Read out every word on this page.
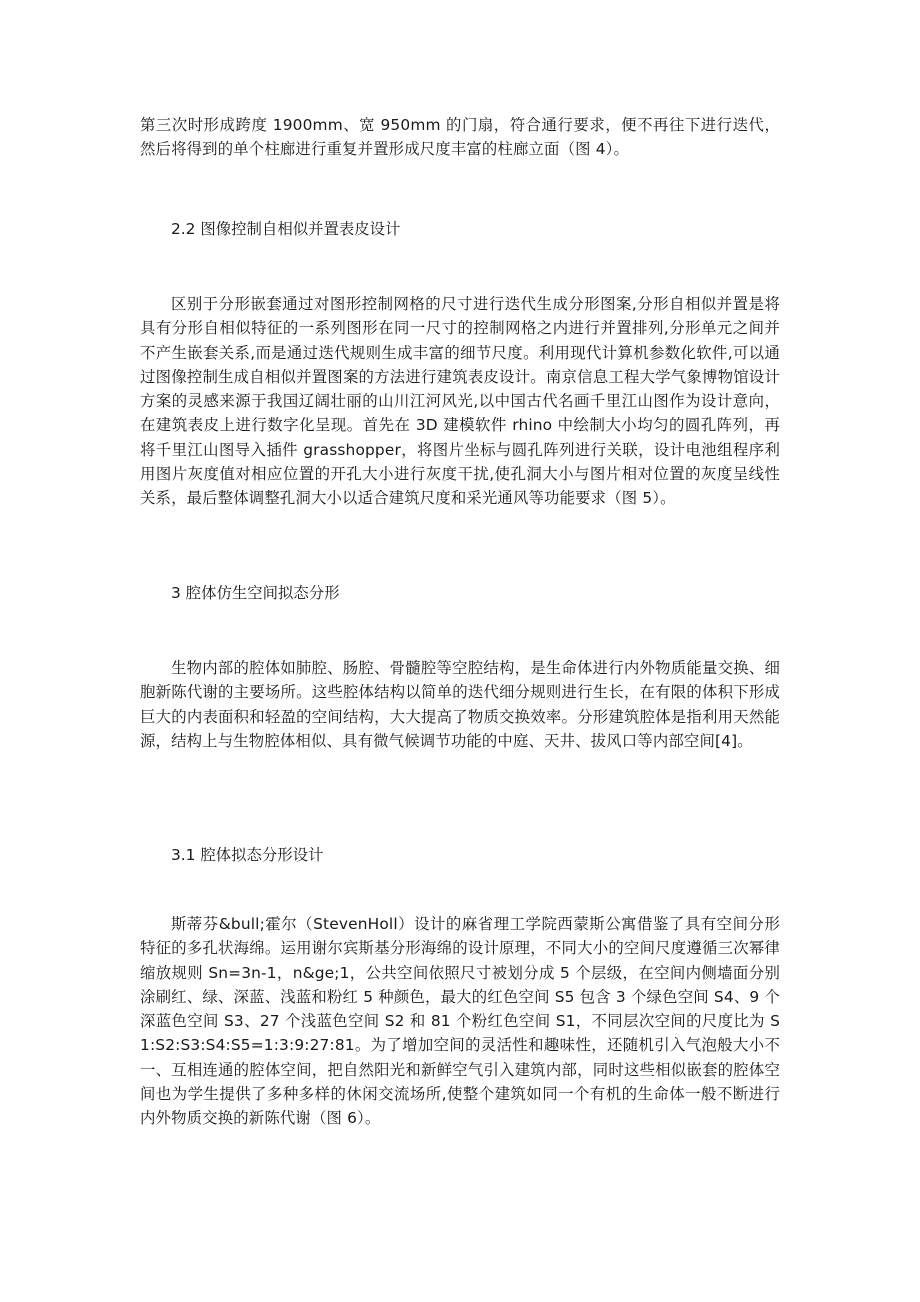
第三次时形成跨度 1900mm、宽 950mm 的门扇，符合通行要求，便不再往下进行迭代，然后将得到的单个柱廊进行重复并置形成尺度丰富的柱廊立面（图 4）。

2.2 图像控制自相似并置表皮设计

区别于分形嵌套通过对图形控制网格的尺寸进行迭代生成分形图案,分形自相似并置是将具有分形自相似特征的一系列图形在同一尺寸的控制网格之内进行并置排列,分形单元之间并不产生嵌套关系,而是通过迭代规则生成丰富的细节尺度。利用现代计算机参数化软件,可以通过图像控制生成自相似并置图案的方法进行建筑表皮设计。南京信息工程大学气象博物馆设计方案的灵感来源于我国辽阔壮丽的山川江河风光,以中国古代名画千里江山图作为设计意向，在建筑表皮上进行数字化呈现。首先在 3D 建模软件 rhino 中绘制大小均匀的圆孔阵列，再将千里江山图导入插件 grasshopper，将图片坐标与圆孔阵列进行关联，设计电池组程序利用图片灰度值对相应位置的开孔大小进行灰度干扰,使孔洞大小与图片相对位置的灰度呈线性关系，最后整体调整孔洞大小以适合建筑尺度和采光通风等功能要求（图 5）。

3 腔体仿生空间拟态分形

生物内部的腔体如肺腔、肠腔、骨髓腔等空腔结构，是生命体进行内外物质能量交换、细胞新陈代谢的主要场所。这些腔体结构以简单的迭代细分规则进行生长，在有限的体积下形成巨大的内表面积和轻盈的空间结构，大大提高了物质交换效率。分形建筑腔体是指利用天然能源，结构上与生物腔体相似、具有微气候调节功能的中庭、天井、拔风口等内部空间[4]。

3.1 腔体拟态分形设计

斯蒂芬&bull;霍尔（StevenHoll）设计的麻省理工学院西蒙斯公寓借鉴了具有空间分形特征的多孔状海绵。运用谢尔宾斯基分形海绵的设计原理，不同大小的空间尺度遵循三次幂律缩放规则 Sn=3n-1，n&ge;1，公共空间依照尺寸被划分成 5 个层级，在空间内侧墙面分别涂刷红、绿、深蓝、浅蓝和粉红 5 种颜色，最大的红色空间 S5 包含 3 个绿色空间 S4、9 个深蓝色空间 S3、27 个浅蓝色空间 S2 和 81 个粉红色空间 S1，不同层次空间的尺度比为 S1:S2:S3:S4:S5=1:3:9:27:81。为了增加空间的灵活性和趣味性，还随机引入气泡般大小不一、互相连通的腔体空间，把自然阳光和新鲜空气引入建筑内部，同时这些相似嵌套的腔体空间也为学生提供了多种多样的休闲交流场所,使整个建筑如同一个有机的生命体一般不断进行内外物质交换的新陈代谢（图 6）。
